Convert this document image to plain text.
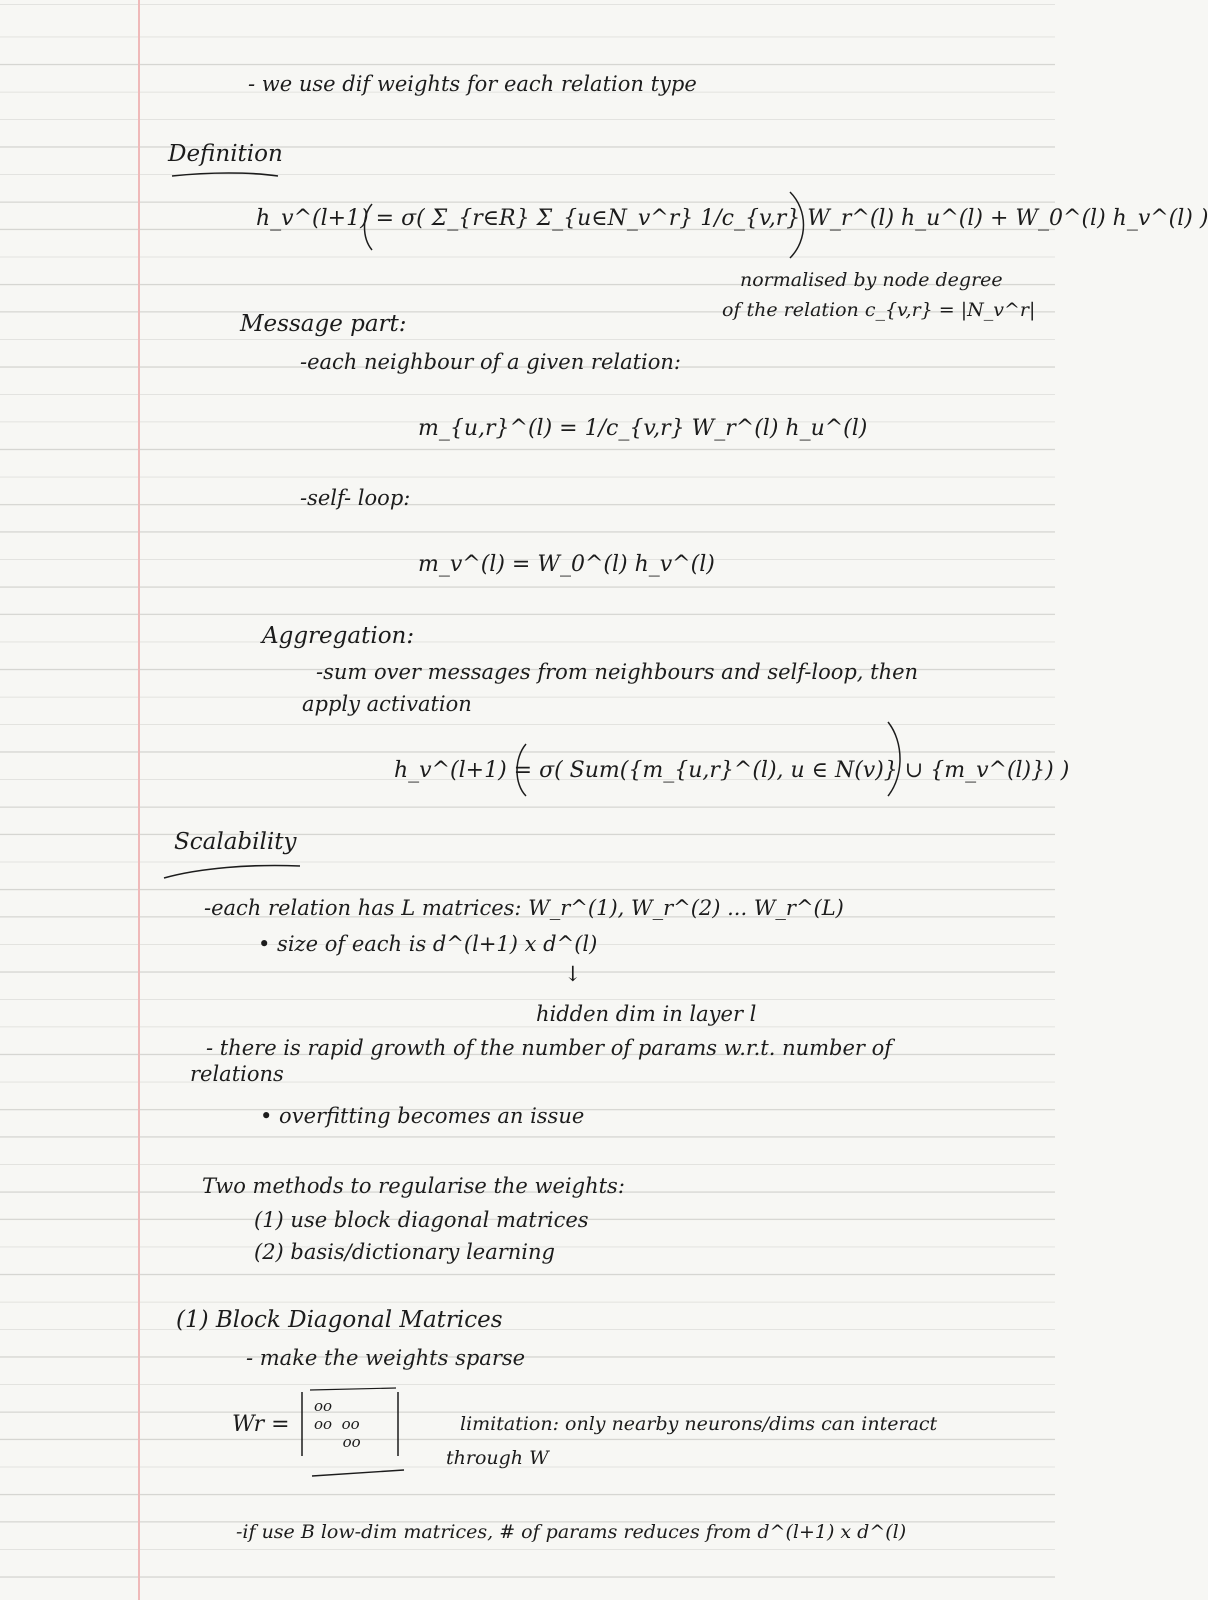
- we use dif weights for each relation type
Definition
h_v^(l+1) = σ( Σ_{r∈R} Σ_{u∈N_v^r} 1/c_{v,r} W_r^(l) h_u^(l) + W_0^(l) h_v^(l) )
normalised by node degree
of the relation c_{v,r} = |N_v^r|
Message part:
-each neighbour of a given relation:
m_{u,r}^(l) = 1/c_{v,r} W_r^(l) h_u^(l)
-self- loop:
m_v^(l) = W_0^(l) h_v^(l)
Aggregation:
-sum over messages from neighbours and self-loop, then
apply activation
h_v^(l+1) = σ( Sum({m_{u,r}^(l), u ∈ N(v)} ∪ {m_v^(l)}) )
Scalability
-each relation has L matrices: W_r^(1), W_r^(2) ... W_r^(L)
• size of each is d^(l+1) x d^(l)
↓
hidden dim in layer l
- there is rapid growth of the number of params w.r.t. number of
relations
• overfitting becomes an issue
Two methods to regularise the weights:
(1) use block diagonal matrices
(2) basis/dictionary learning
(1) Block Diagonal Matrices
- make the weights sparse
Wr =
oo
oo  oo
oo
limitation: only nearby neurons/dims can interact
through W
-if use B low-dim matrices, # of params reduces from d^(l+1) x d^(l)
